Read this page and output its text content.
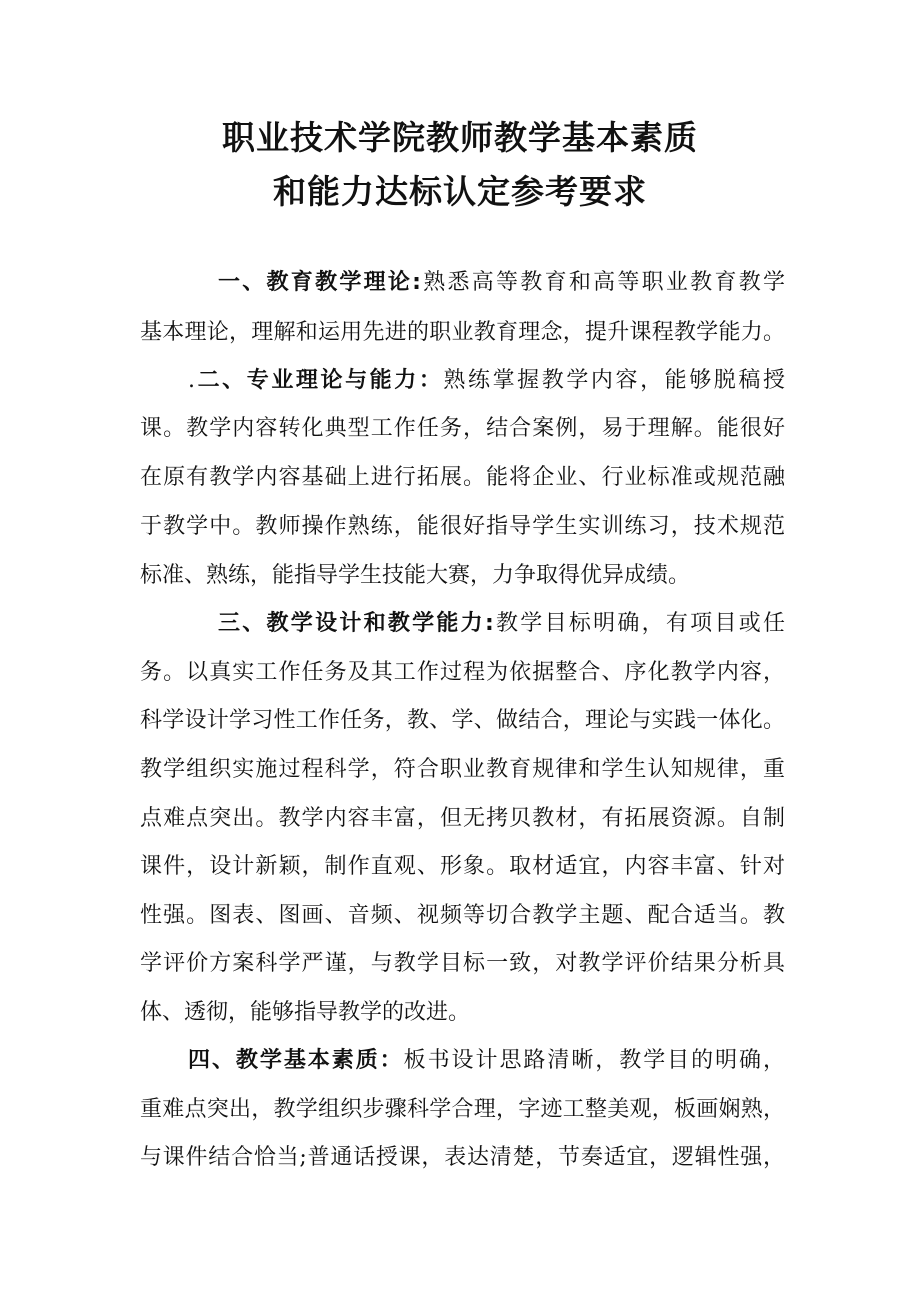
职业技术学院教师教学基本素质
和能力达标认定参考要求
一、教育教学理论:熟悉高等教育和高等职业教育教学
基本理论，理解和运用先进的职业教育理念，提升课程教学能力。
.二、专业理论与能力：熟练掌握教学内容，能够脱稿授
课。教学内容转化典型工作任务，结合案例，易于理解。能很好
在原有教学内容基础上进行拓展。能将企业、行业标准或规范融
于教学中。教师操作熟练，能很好指导学生实训练习，技术规范
标准、熟练，能指导学生技能大赛，力争取得优异成绩。
三、教学设计和教学能力:教学目标明确，有项目或任
务。以真实工作任务及其工作过程为依据整合、序化教学内容，
科学设计学习性工作任务，教、学、做结合，理论与实践一体化。
教学组织实施过程科学，符合职业教育规律和学生认知规律，重
点难点突出。教学内容丰富，但无拷贝教材，有拓展资源。自制
课件，设计新颖，制作直观、形象。取材适宜，内容丰富、针对
性强。图表、图画、音频、视频等切合教学主题、配合适当。教
学评价方案科学严谨，与教学目标一致，对教学评价结果分析具
体、透彻，能够指导教学的改进。
四、教学基本素质：板书设计思路清晰，教学目的明确，
重难点突出，教学组织步骤科学合理，字迹工整美观，板画娴熟，
与课件结合恰当;普通话授课，表达清楚，节奏适宜，逻辑性强，
